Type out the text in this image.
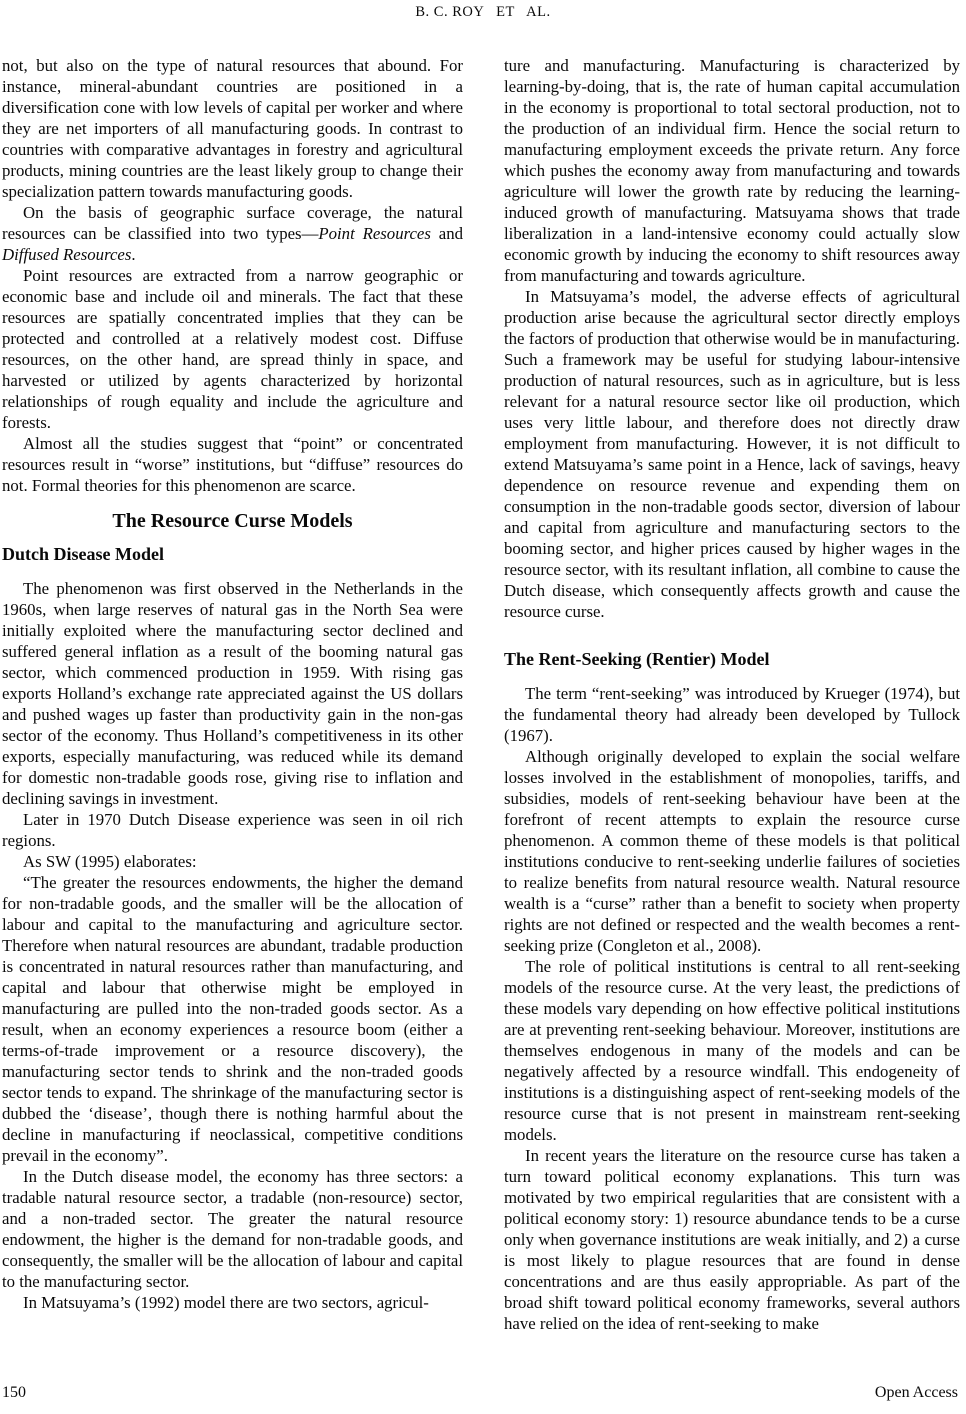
B. C. ROY   ET   AL.

not, but also on the type of natural resources that abound. For instance, mineral-abundant countries are positioned in a diversification cone with low levels of capital per worker and where they are net importers of all manufacturing goods. In contrast to countries with comparative advantages in forestry and agricultural products, mining countries are the least likely group to change their specialization pattern towards manufacturing goods.

On the basis of geographic surface coverage, the natural resources can be classified into two types—Point Resources and Diffused Resources.

Point resources are extracted from a narrow geographic or economic base and include oil and minerals. The fact that these resources are spatially concentrated implies that they can be protected and controlled at a relatively modest cost. Diffuse resources, on the other hand, are spread thinly in space, and harvested or utilized by agents characterized by horizontal relationships of rough equality and include the agriculture and forests.

Almost all the studies suggest that “point” or concentrated resources result in “worse” institutions, but “diffuse” resources do not. Formal theories for this phenomenon are scarce.

The Resource Curse Models
Dutch Disease Model

The phenomenon was first observed in the Netherlands in the 1960s, when large reserves of natural gas in the North Sea were initially exploited where the manufacturing sector declined and suffered general inflation as a result of the booming natural gas sector, which commenced production in 1959. With rising gas exports Holland’s exchange rate appreciated against the US dollars and pushed wages up faster than productivity gain in the non-gas sector of the economy. Thus Holland’s competitiveness in its other exports, especially manufacturing, was reduced while its demand for domestic non-tradable goods rose, giving rise to inflation and declining savings in investment.

Later in 1970 Dutch Disease experience was seen in oil rich regions.

As SW (1995) elaborates:

“The greater the resources endowments, the higher the demand for non-tradable goods, and the smaller will be the allocation of labour and capital to the manufacturing and agriculture sector. Therefore when natural resources are abundant, tradable production is concentrated in natural resources rather than manufacturing, and capital and labour that otherwise might be employed in manufacturing are pulled into the non-traded goods sector. As a result, when an economy experiences a resource boom (either a terms-of-trade improvement or a resource discovery), the manufacturing sector tends to shrink and the non-traded goods sector tends to expand. The shrinkage of the manufacturing sector is dubbed the ‘disease’, though there is nothing harmful about the decline in manufacturing if neoclassical, competitive conditions prevail in the economy”.

In the Dutch disease model, the economy has three sectors: a tradable natural resource sector, a tradable (non-resource) sector, and a non-traded sector. The greater the natural resource endowment, the higher is the demand for non-tradable goods, and consequently, the smaller will be the allocation of labour and capital to the manufacturing sector.

In Matsuyama’s (1992) model there are two sectors, agricul-

ture and manufacturing. Manufacturing is characterized by learning-by-doing, that is, the rate of human capital accumulation in the economy is proportional to total sectoral production, not to the production of an individual firm. Hence the social return to manufacturing employment exceeds the private return. Any force which pushes the economy away from manufacturing and towards agriculture will lower the growth rate by reducing the learning-induced growth of manufacturing. Matsuyama shows that trade liberalization in a land-intensive economy could actually slow economic growth by inducing the economy to shift resources away from manufacturing and towards agriculture.

In Matsuyama’s model, the adverse effects of agricultural production arise because the agricultural sector directly employs the factors of production that otherwise would be in manufacturing. Such a framework may be useful for studying labour-intensive production of natural resources, such as in agriculture, but is less relevant for a natural resource sector like oil production, which uses very little labour, and therefore does not directly draw employment from manufacturing. However, it is not difficult to extend Matsuyama’s same point in a Hence, lack of savings, heavy dependence on resource revenue and expending them on consumption in the non-tradable goods sector, diversion of labour and capital from agriculture and manufacturing sectors to the booming sector, and higher prices caused by higher wages in the resource sector, with its resultant inflation, all combine to cause the Dutch disease, which consequently affects growth and cause the resource curse.

The Rent-Seeking (Rentier) Model

The term “rent-seeking” was introduced by Krueger (1974), but the fundamental theory had already been developed by Tullock (1967).

Although originally developed to explain the social welfare losses involved in the establishment of monopolies, tariffs, and subsidies, models of rent-seeking behaviour have been at the forefront of recent attempts to explain the resource curse phenomenon. A common theme of these models is that political institutions conducive to rent-seeking underlie failures of societies to realize benefits from natural resource wealth. Natural resource wealth is a “curse” rather than a benefit to society when property rights are not defined or respected and the wealth becomes a rent-seeking prize (Congleton et al., 2008).

The role of political institutions is central to all rent-seeking models of the resource curse. At the very least, the predictions of these models vary depending on how effective political institutions are at preventing rent-seeking behaviour. Moreover, institutions are themselves endogenous in many of the models and can be negatively affected by a resource windfall. This endogeneity of institutions is a distinguishing aspect of rent-seeking models of the resource curse that is not present in mainstream rent-seeking models.

In recent years the literature on the resource curse has taken a turn toward political economy explanations. This turn was motivated by two empirical regularities that are consistent with a political economy story: 1) resource abundance tends to be a curse only when governance institutions are weak initially, and 2) a curse is most likely to plague resources that are found in dense concentrations and are thus easily appropriable. As part of the broad shift toward political economy frameworks, several authors have relied on the idea of rent-seeking to make

150	Open Access
